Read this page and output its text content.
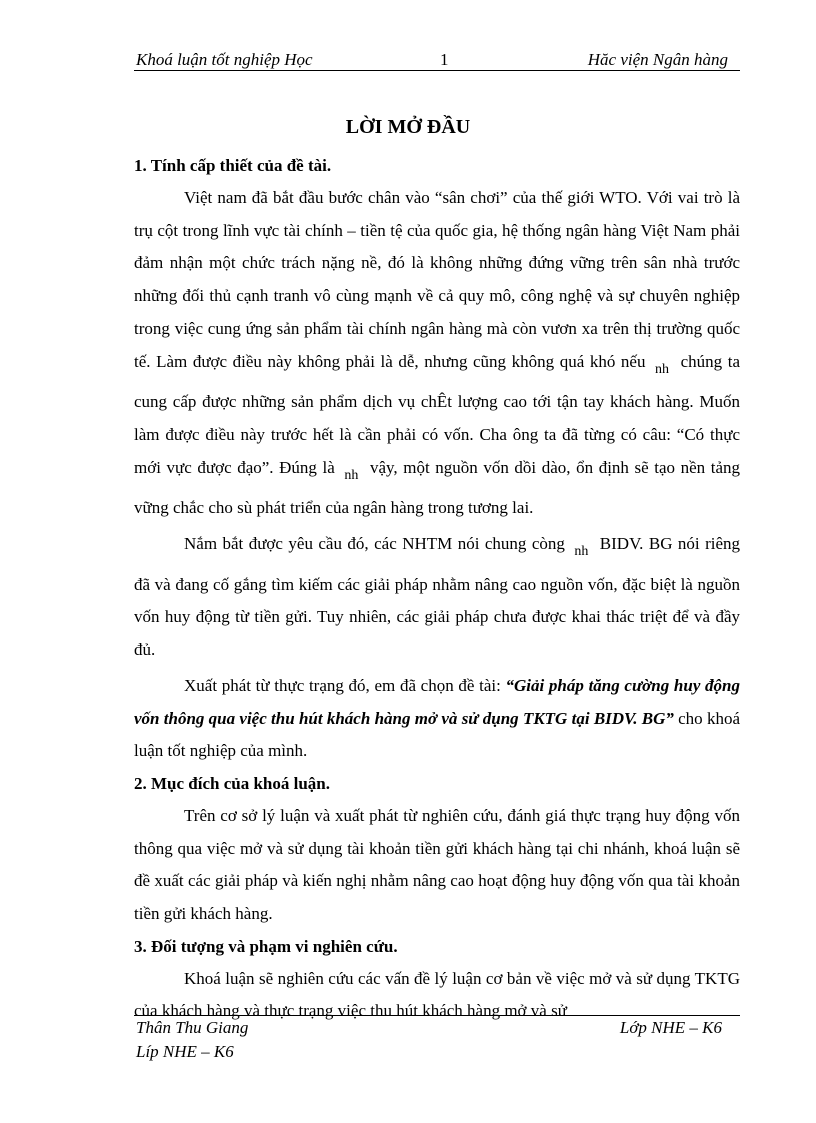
Khoá luận tốt nghiệp Học	1	Hăc viện Ngân hàng
LỜI MỞ ĐẦU

1. Tính cấp thiết của đề tài.

Việt nam đã bắt đầu bước chân vào “sân chơi” của thế giới WTO. Với vai trò là trụ cột trong lĩnh vực tài chính – tiền tệ của quốc gia, hệ thống ngân hàng Việt Nam phải đảm nhận một chức trách nặng nề, đó là không những đứng vững trên sân nhà trước những đối thủ cạnh tranh vô cùng mạnh về cả quy mô, công nghệ và sự chuyên nghiệp trong việc cung ứng sản phẩm tài chính ngân hàng mà còn vươn xa trên thị trường quốc tế. Làm được điều này không phải là dễ, nhưng cũng không quá khó nếu $_{nh}$ chúng ta cung cấp được những sản phẩm dịch vụ chÊt lượng cao tới tận tay khách hàng. Muốn làm được điều này trước hết là cần phải có vốn. Cha ông ta đã từng có câu: “Có thực mới vực được đạo”. Đúng là $_{nh}$ vậy, một nguồn vốn dồi dào, ổn định sẽ tạo nền tảng vững chắc cho sù phát triển của ngân hàng trong tương lai.

Nắm bắt được yêu cầu đó, các NHTM nói chung còng $_{nh}$ BIDV. BG nói riêng đã và đang cố gắng tìm kiếm các giải pháp nhằm nâng cao nguồn vốn, đặc biệt là nguồn vốn huy động từ tiền gửi. Tuy nhiên, các giải pháp chưa được khai thác triệt để và đầy đủ.

Xuất phát từ thực trạng đó, em đã chọn đề tài: “Giải pháp tăng cường huy động vốn thông qua việc thu hút khách hàng mở và sử dụng TKTG tại BIDV. BG” cho khoá luận tốt nghiệp của mình.

2. Mục đích của khoá luận.

Trên cơ sở lý luận và xuất phát từ nghiên cứu, đánh giá thực trạng huy động vốn thông qua việc mở và sử dụng tài khoản tiền gửi khách hàng tại chi nhánh, khoá luận sẽ đề xuất các giải pháp và kiến nghị nhằm nâng cao hoạt động huy động vốn qua tài khoản tiền gửi khách hàng.

3. Đối tượng và phạm vi nghiên cứu.

Khoá luận sẽ nghiên cứu các vấn đề lý luận cơ bản về việc mở và sử dụng TKTG của khách hàng và thực trạng việc thu hút khách hàng mở và sử

Thân Thu Giang	Lớp NHE – K6
Líp NHE – K6
